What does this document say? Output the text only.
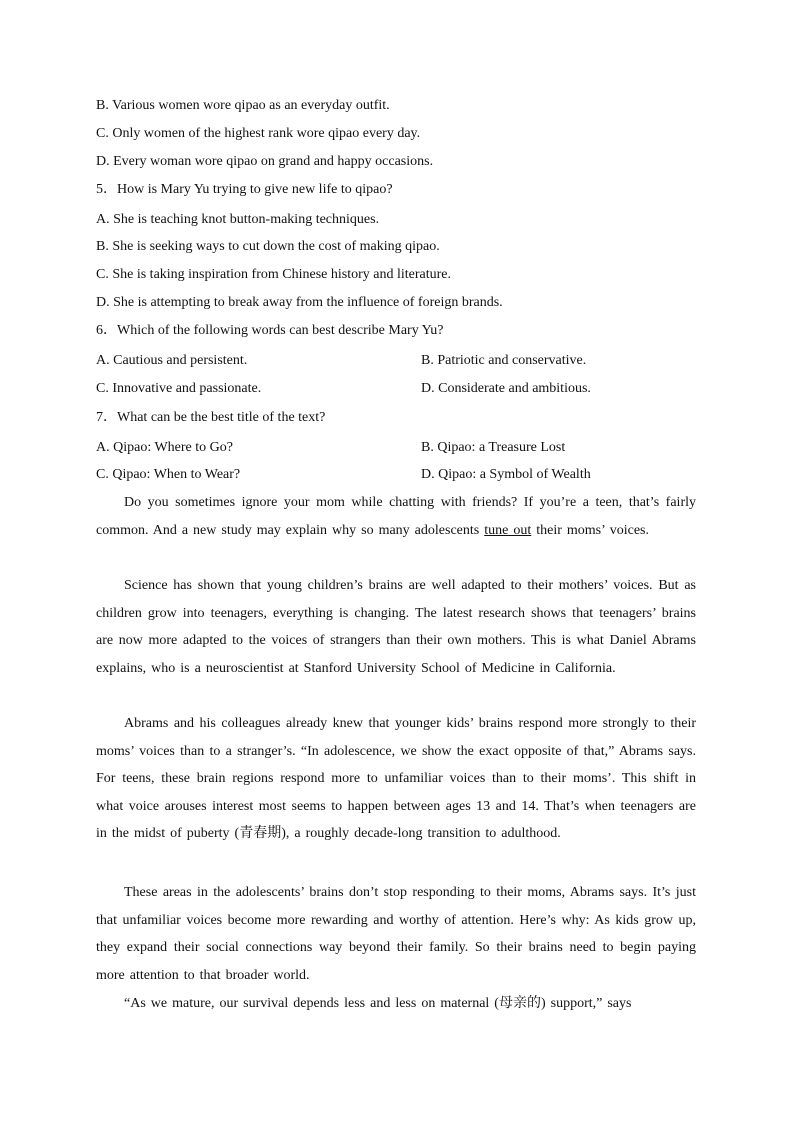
B. Various women wore qipao as an everyday outfit.
C. Only women of the highest rank wore qipao every day.
D. Every woman wore qipao on grand and happy occasions.
5．How is Mary Yu trying to give new life to qipao?
A. She is teaching knot button-making techniques.
B. She is seeking ways to cut down the cost of making qipao.
C. She is taking inspiration from Chinese history and literature.
D. She is attempting to break away from the influence of foreign brands.
6．Which of the following words can best describe Mary Yu?
A. Cautious and persistent.	B. Patriotic and conservative.
C. Innovative and passionate.	D. Considerate and ambitious.
7．What can be the best title of the text?
A. Qipao: Where to Go?	B. Qipao: a Treasure Lost
C. Qipao: When to Wear?	D. Qipao: a Symbol of Wealth
Do you sometimes ignore your mom while chatting with friends? If you’re a teen, that’s fairly common. And a new study may explain why so many adolescents tune out their moms’ voices.
Science has shown that young children’s brains are well adapted to their mothers’ voices. But as children grow into teenagers, everything is changing. The latest research shows that teenagers’ brains are now more adapted to the voices of strangers than their own mothers. This is what Daniel Abrams explains, who is a neuroscientist at Stanford University School of Medicine in California.
Abrams and his colleagues already knew that younger kids’ brains respond more strongly to their moms’ voices than to a stranger’s. “In adolescence, we show the exact opposite of that,” Abrams says. For teens, these brain regions respond more to unfamiliar voices than to their moms’. This shift in what voice arouses interest most seems to happen between ages 13 and 14. That’s when teenagers are in the midst of puberty (青春期), a roughly decade-long transition to adulthood.
These areas in the adolescents’ brains don’t stop responding to their moms, Abrams says. It’s just that unfamiliar voices become more rewarding and worthy of attention. Here’s why: As kids grow up, they expand their social connections way beyond their family. So their brains need to begin paying more attention to that broader world.
“As we mature, our survival depends less and less on maternal (母亲的) support,” says
